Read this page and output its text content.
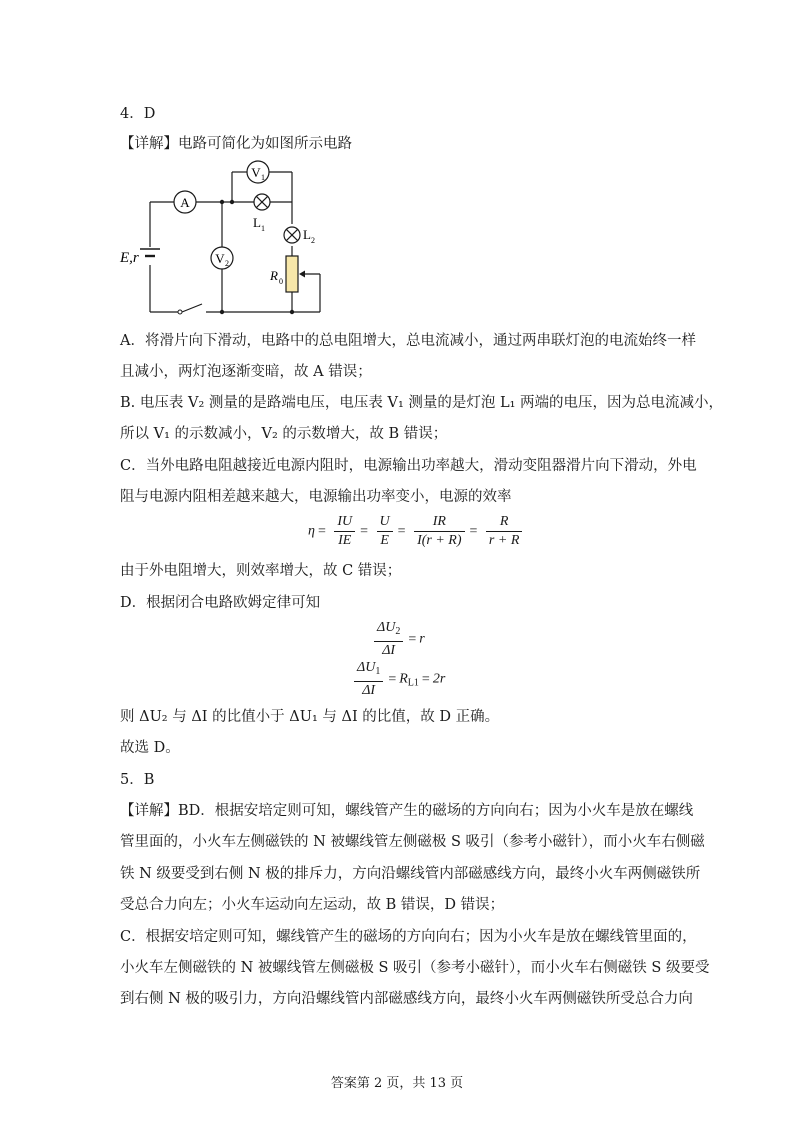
4．D
【详解】电路可简化为如图所示电路
A
V 1
L 1	L 2
V 2
R 0
E,r
A．将滑片向下滑动，电路中的总电阻增大，总电流减小，通过两串联灯泡的电流始终一样
且减小，两灯泡逐渐变暗，故 A 错误；
B. 电压表 V₂ 测量的是路端电压，电压表 V₁ 测量的是灯泡 L₁ 两端的电压，因为总电流减小，
所以 V₁ 的示数减小，V₂ 的示数增大，故 B 错误；
C．当外电路电阻越接近电源内阻时，电源输出功率越大，滑动变阻器滑片向下滑动，外电
阻与电源内阻相差越来越大，电源输出功率变小，电源的效率
$\eta = \frac{IU}{IE} = \frac{U}{E} = \frac{IR}{I(r + R)} = \frac{R}{r + R}$
由于外电阻增大，则效率增大，故 C 错误；
D．根据闭合电路欧姆定律可知
$\frac{\Delta U_2}{\Delta I} = r$
$\frac{\Delta U_1}{\Delta I} = R_{L1} = 2r$
则 ΔU₂ 与 ΔI 的比值小于 ΔU₁ 与 ΔI 的比值，故 D 正确。
故选 D。
5．B
【详解】BD．根据安培定则可知，螺线管产生的磁场的方向向右；因为小火车是放在螺线
管里面的，小火车左侧磁铁的 N 被螺线管左侧磁极 S 吸引（参考小磁针），而小火车右侧磁
铁 N 级要受到右侧 N 极的排斥力，方向沿螺线管内部磁感线方向，最终小火车两侧磁铁所
受总合力向左；小火车运动向左运动，故 B 错误，D 错误；
C．根据安培定则可知，螺线管产生的磁场的方向向右；因为小火车是放在螺线管里面的，
小火车左侧磁铁的 N 被螺线管左侧磁极 S 吸引（参考小磁针），而小火车右侧磁铁 S 级要受
到右侧 N 极的吸引力，方向沿螺线管内部磁感线方向，最终小火车两侧磁铁所受总合力向
答案第 2 页，共 13 页
